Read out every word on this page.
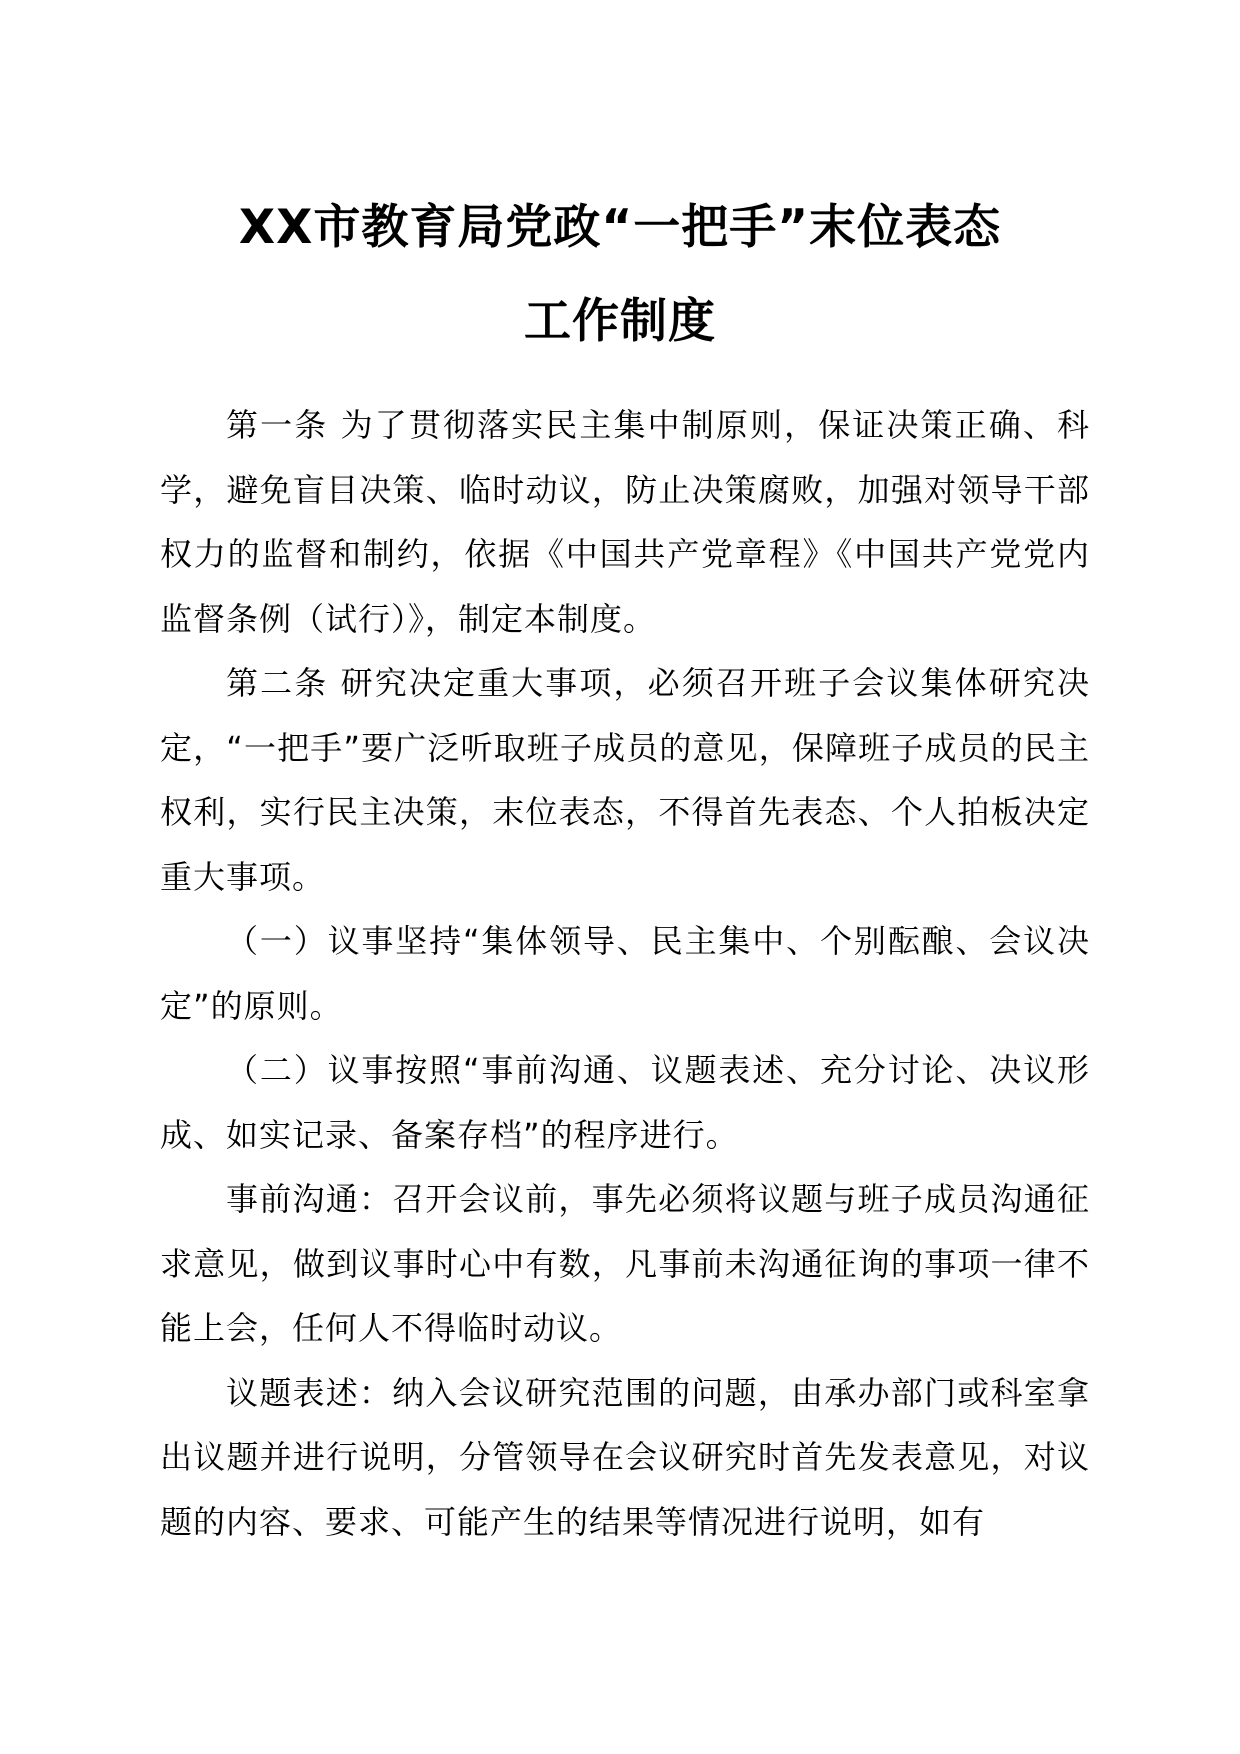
XX市教育局党政“一把手”末位表态
工作制度

第一条 为了贯彻落实民主集中制原则，保证决策正确、科学，避免盲目决策、临时动议，防止决策腐败，加强对领导干部权力的监督和制约，依据《中国共产党章程》《中国共产党党内监督条例（试行）》，制定本制度。

第二条 研究决定重大事项，必须召开班子会议集体研究决定，“一把手”要广泛听取班子成员的意见，保障班子成员的民主权利，实行民主决策，末位表态，不得首先表态、个人拍板决定重大事项。

（一）议事坚持“集体领导、民主集中、个别酝酿、会议决定”的原则。

（二）议事按照“事前沟通、议题表述、充分讨论、决议形成、如实记录、备案存档”的程序进行。

事前沟通：召开会议前，事先必须将议题与班子成员沟通征求意见，做到议事时心中有数，凡事前未沟通征询的事项一律不能上会，任何人不得临时动议。

议题表述：纳入会议研究范围的问题，由承办部门或科室拿出议题并进行说明，分管领导在会议研究时首先发表意见，对议题的内容、要求、可能产生的结果等情况进行说明，如有
